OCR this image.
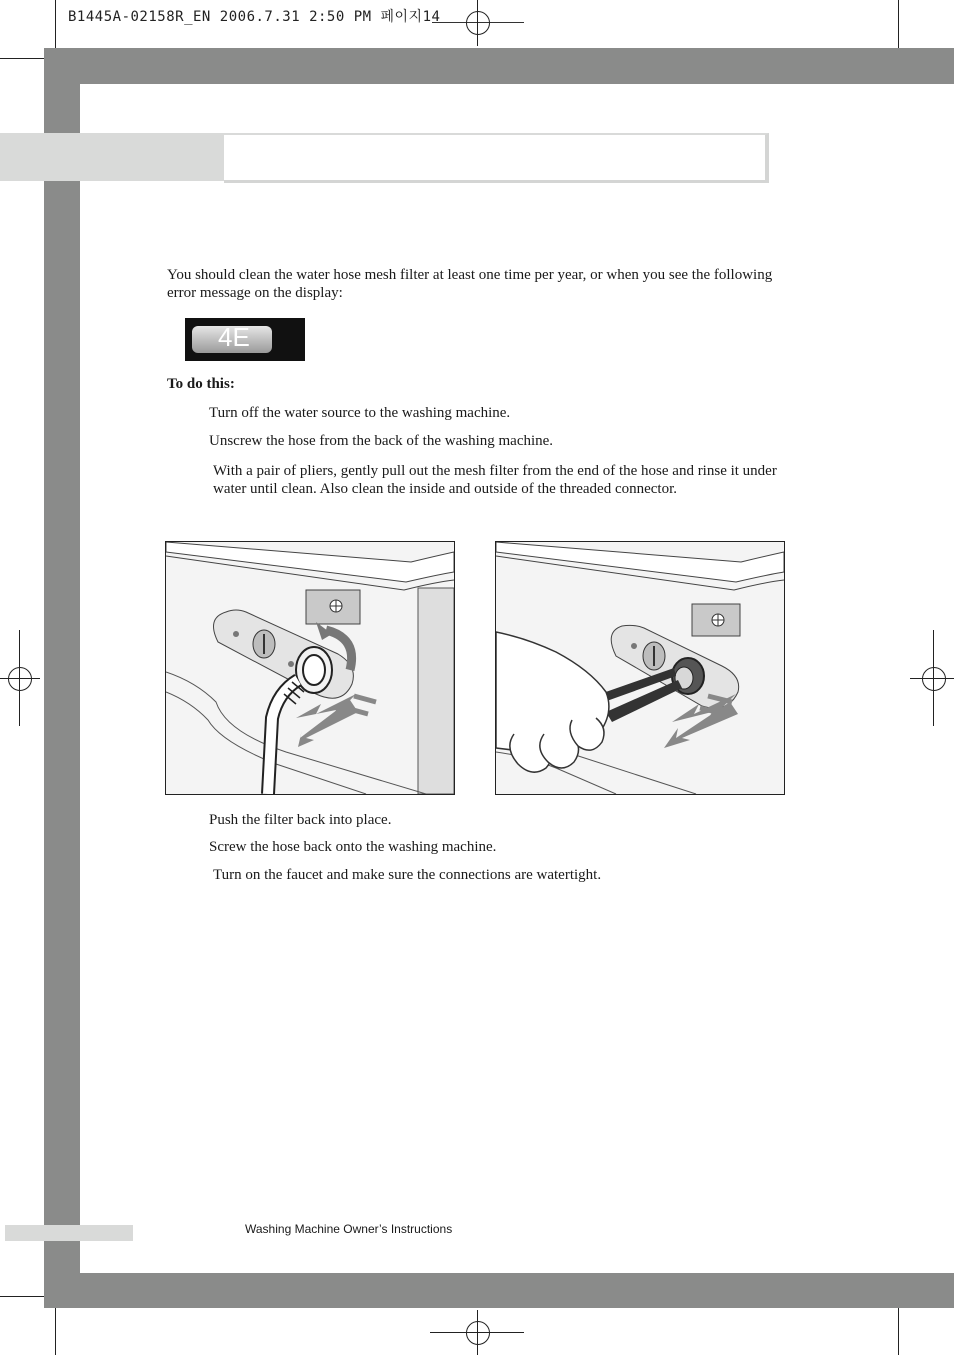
B1445A-02158R_EN 2006.7.31 2:50 PM 페이지14
You should clean the water hose mesh filter at least one time per year, or when you see the following error message on the display:
4E
To do this:
Turn off the water source to the washing machine.
Unscrew the hose from the back of the washing machine.
With a pair of pliers, gently pull out the mesh filter from the end of the hose and rinse it under water until clean. Also clean the inside and outside of the threaded connector.
Push the filter back into place.
Screw the hose back onto the washing machine.
Turn on the faucet and make sure the connections are watertight.
Washing Machine Owner’s Instructions
